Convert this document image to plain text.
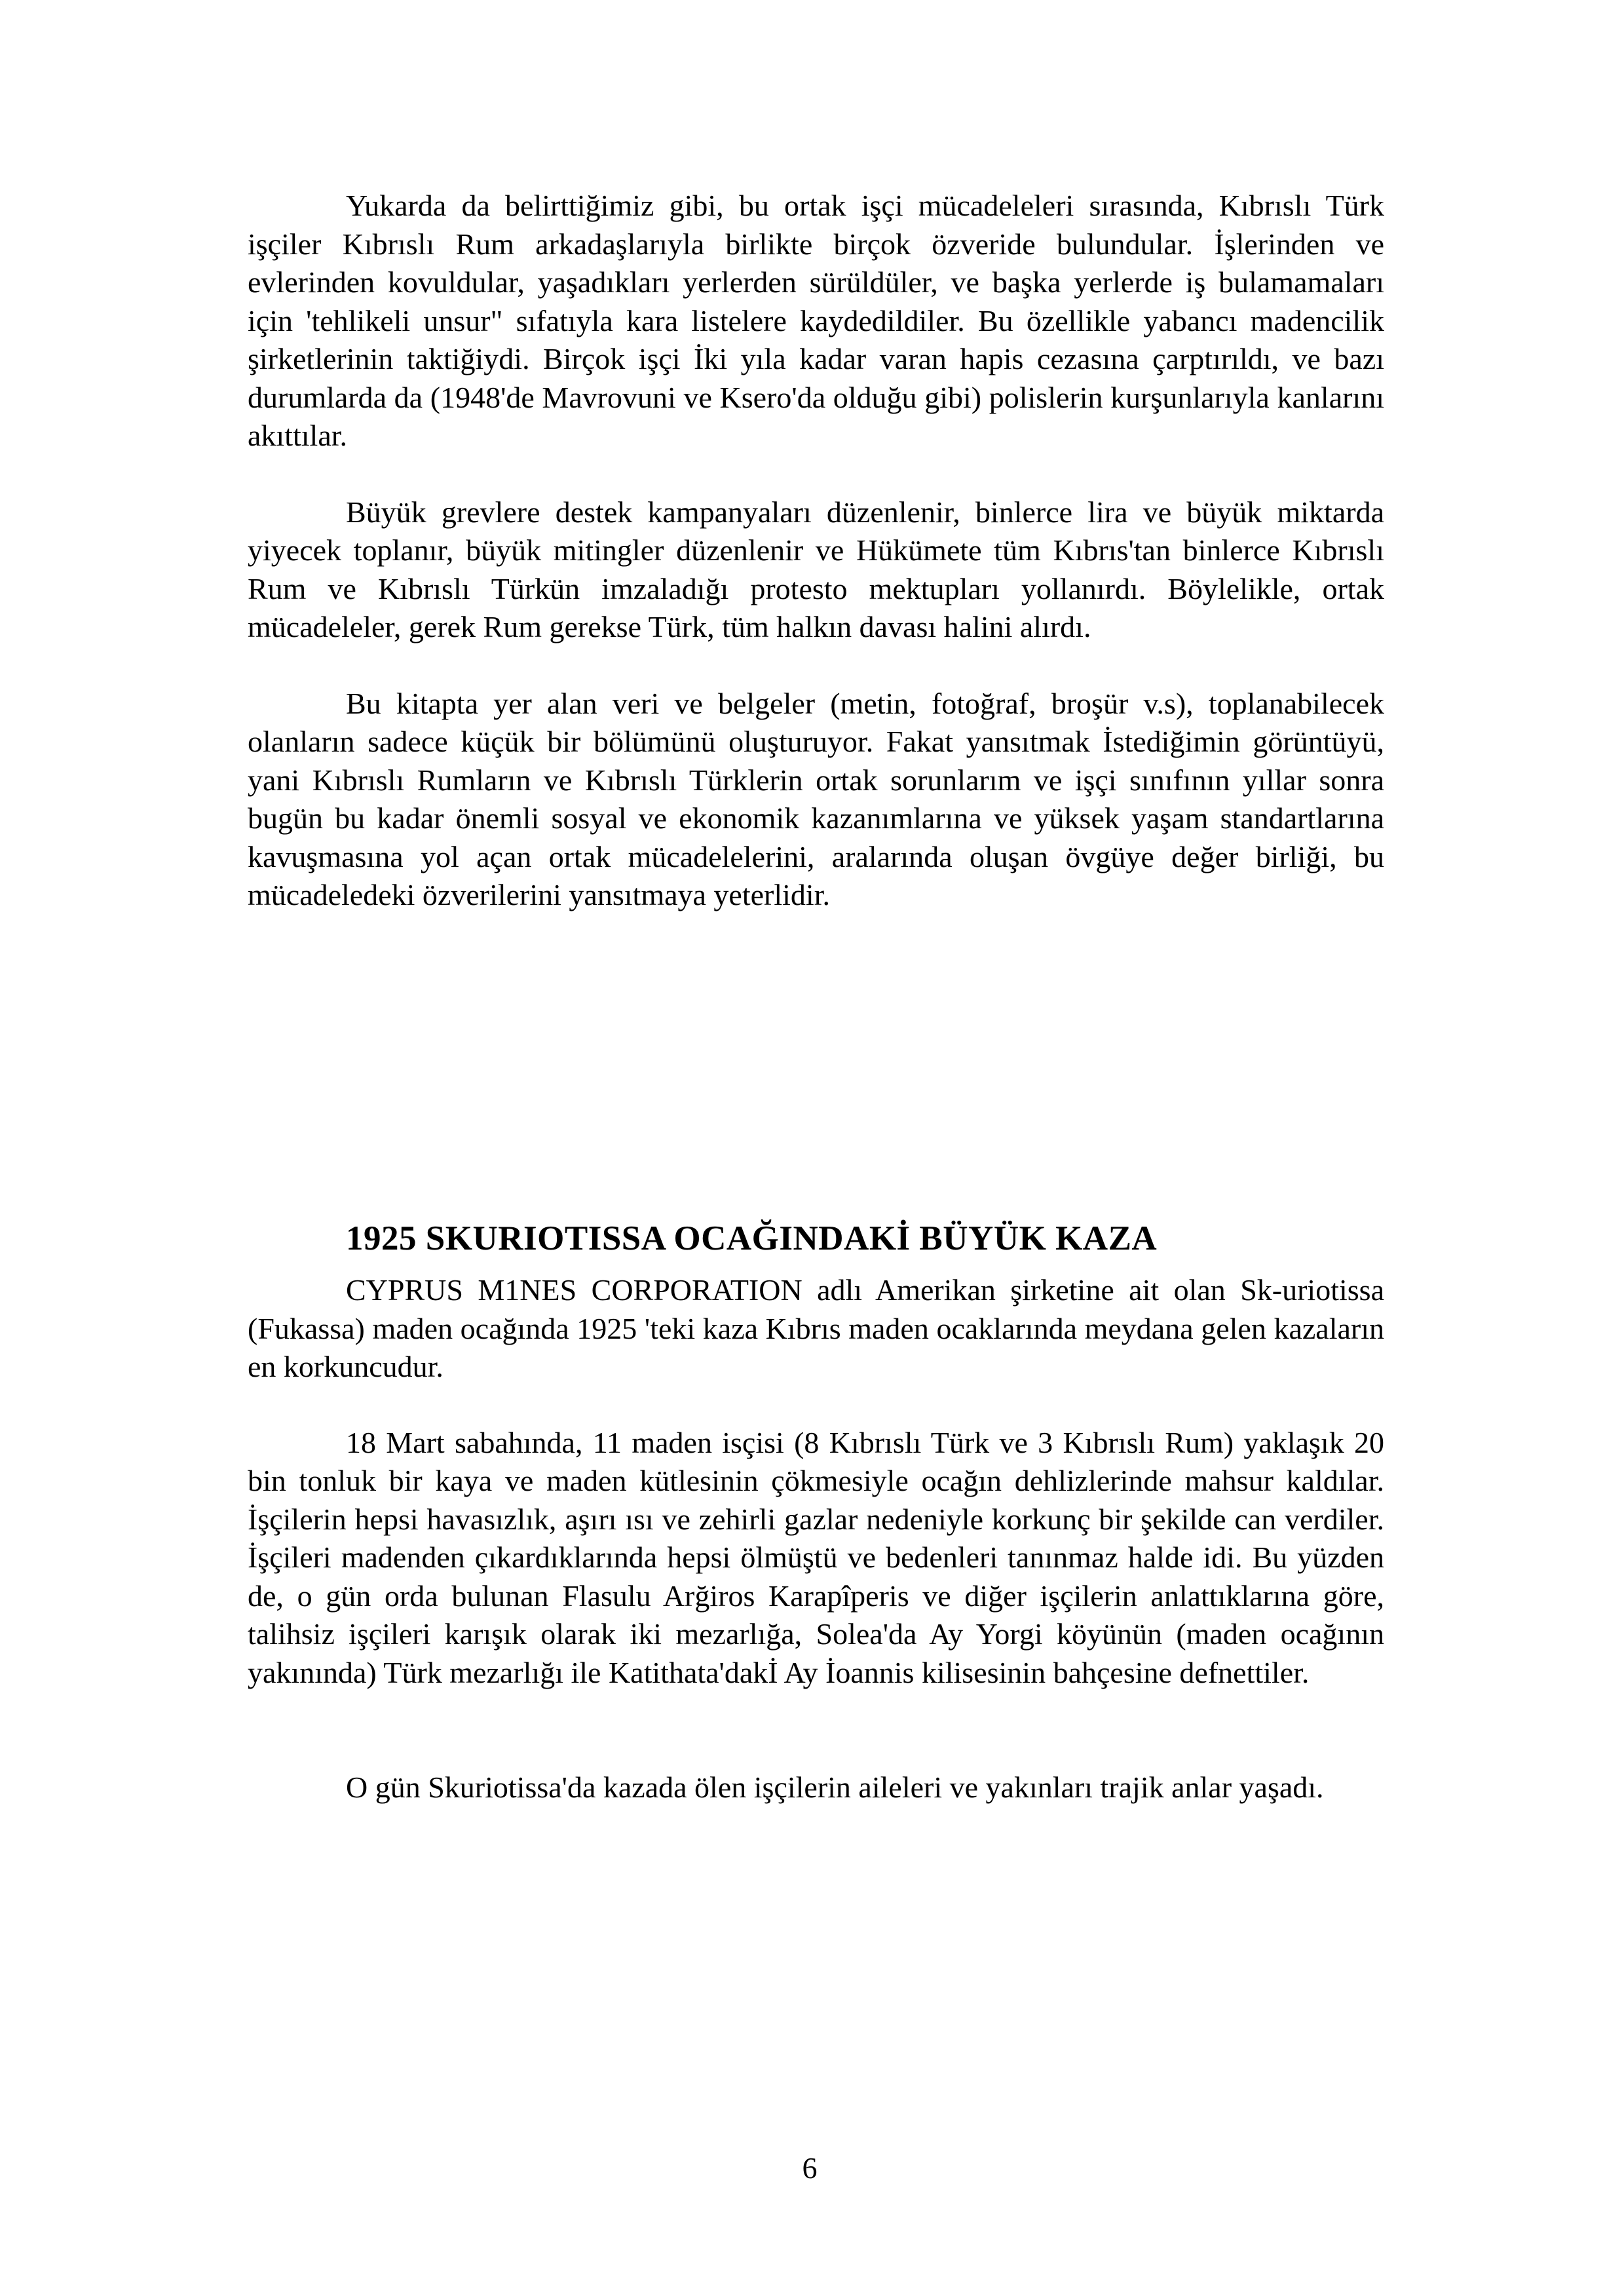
Yukarda da belirttiğimiz gibi, bu ortak işçi mücadeleleri sırasında, Kıbrıslı Türk işçiler Kıbrıslı Rum arkadaşlarıyla birlikte birçok özveride bulundular. İşlerinden ve evlerinden kovuldular, yaşadıkları yerlerden sürüldüler, ve başka yerlerde iş bulamamaları için 'tehlikeli unsur" sıfatıyla kara listelere kaydedildiler. Bu özellikle yabancı madencilik şirketlerinin taktiğiydi. Birçok işçi İki yıla kadar varan hapis cezasına çarptırıldı, ve bazı durumlarda da (1948'de Mavrovuni ve Ksero'da olduğu gibi) polislerin kurşunlarıyla kanlarını akıttılar.

Büyük grevlere destek kampanyaları düzenlenir, binlerce lira ve büyük miktarda yiyecek toplanır, büyük mitingler düzenlenir ve Hükümete tüm Kıbrıs'tan binlerce Kıbrıslı Rum ve Kıbrıslı Türkün imzaladığı protesto mektupları yollanırdı. Böylelikle, ortak mücadeleler, gerek Rum gerekse Türk, tüm halkın davası halini alırdı.

Bu kitapta yer alan veri ve belgeler (metin, fotoğraf, broşür v.s), toplanabilecek olanların sadece küçük bir bölümünü oluşturuyor. Fakat yansıtmak İstediğimin görüntüyü, yani Kıbrıslı Rumların ve Kıbrıslı Türklerin ortak sorunlarım ve işçi sınıfının yıllar sonra bugün bu kadar önemli sosyal ve ekonomik kazanımlarına ve yüksek yaşam standartlarına kavuşmasına yol açan ortak mücadelelerini, aralarında oluşan övgüye değer birliği, bu mücadeledeki özverilerini yansıtmaya yeterlidir.

1925 SKURIOTISSA OCAĞINDAKİ BÜYÜK KAZA

CYPRUS M1NES CORPORATION adlı Amerikan şirketine ait olan Sk-uriotissa (Fukassa) maden ocağında 1925 'teki kaza Kıbrıs maden ocaklarında meydana gelen kazaların en korkuncudur.

18 Mart sabahında, 11 maden isçisi (8 Kıbrıslı Türk ve 3 Kıbrıslı Rum) yaklaşık 20 bin tonluk bir kaya ve maden kütlesinin çökmesiyle ocağın dehlizlerinde mahsur kaldılar. İşçilerin hepsi havasızlık, aşırı ısı ve zehirli gazlar nedeniyle korkunç bir şekilde can verdiler. İşçileri madenden çıkardıklarında hepsi ölmüştü ve bedenleri tanınmaz halde idi. Bu yüzden de, o gün orda bulunan Flasulu Arğiros Karapîperis ve diğer işçilerin anlattıklarına göre, talihsiz işçileri karışık olarak iki mezarlığa, Solea'da Ay Yorgi köyünün (maden ocağının yakınında) Türk mezarlığı ile Katithata'dakİ Ay İoannis kilisesinin bahçesine defnettiler.

O gün Skuriotissa'da kazada ölen işçilerin aileleri ve yakınları trajik anlar yaşadı.

6
